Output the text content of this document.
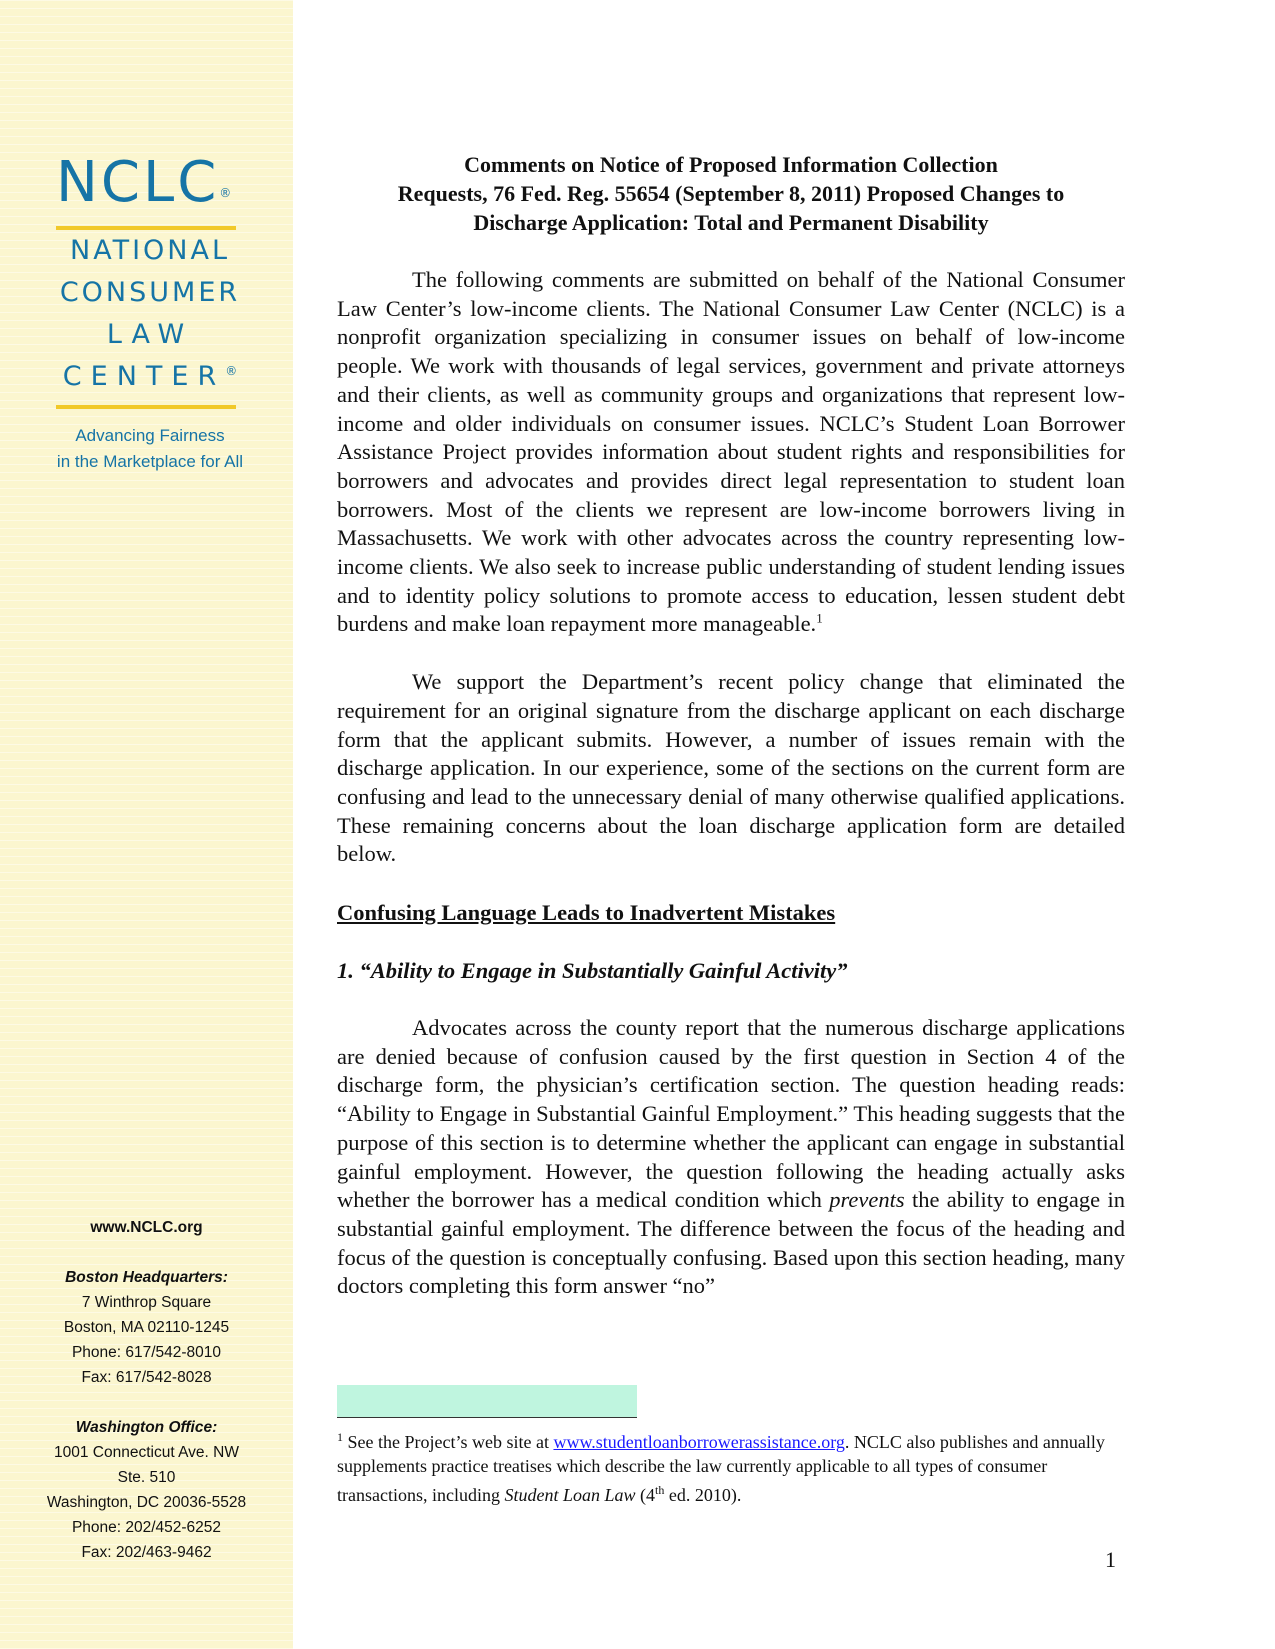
NCLC®
NATIONAL
CONSUMER
LAW
CENTER®
Advancing Fairness
in the Marketplace for All
www.NCLC.org
Boston Headquarters:
7 Winthrop Square
Boston, MA 02110-1245
Phone: 617/542-8010
Fax: 617/542-8028
Washington Office:
1001 Connecticut Ave. NW
Ste. 510
Washington, DC 20036-5528
Phone: 202/452-6252
Fax: 202/463-9462
Comments on Notice of Proposed Information Collection
Requests, 76 Fed. Reg. 55654 (September 8, 2011) Proposed Changes to
Discharge Application: Total and Permanent Disability

The following comments are submitted on behalf of the National Consumer Law Center’s low-income clients. The National Consumer Law Center (NCLC) is a nonprofit organization specializing in consumer issues on behalf of low-income people. We work with thousands of legal services, government and private attorneys and their clients, as well as community groups and organizations that represent low-income and older individuals on consumer issues. NCLC’s Student Loan Borrower Assistance Project provides information about student rights and responsibilities for borrowers and advocates and provides direct legal representation to student loan borrowers. Most of the clients we represent are low-income borrowers living in Massachusetts. We work with other advocates across the country representing low-income clients. We also seek to increase public understanding of student lending issues and to identity policy solutions to promote access to education, lessen student debt burdens and make loan repayment more manageable.$^1$

We support the Department’s recent policy change that eliminated the requirement for an original signature from the discharge applicant on each discharge form that the applicant submits. However, a number of issues remain with the discharge application. In our experience, some of the sections on the current form are confusing and lead to the unnecessary denial of many otherwise qualified applications. These remaining concerns about the loan discharge application form are detailed below.

Confusing Language Leads to Inadvertent Mistakes
1. “Ability to Engage in Substantially Gainful Activity”

Advocates across the county report that the numerous discharge applications are denied because of confusion caused by the first question in Section 4 of the discharge form, the physician’s certification section. The question heading reads: “Ability to Engage in Substantial Gainful Employment.” This heading suggests that the purpose of this section is to determine whether the applicant can engage in substantial gainful employment. However, the question following the heading actually asks whether the borrower has a medical condition which prevents the ability to engage in substantial gainful employment. The difference between the focus of the heading and focus of the question is conceptually confusing. Based upon this section heading, many doctors completing this form answer “no”

$^1$ See the Project’s web site at www.studentloanborrowerassistance.org. NCLC also publishes and annually supplements practice treatises which describe the law currently applicable to all types of consumer transactions, including Student Loan Law (4th ed. 2010).
1
